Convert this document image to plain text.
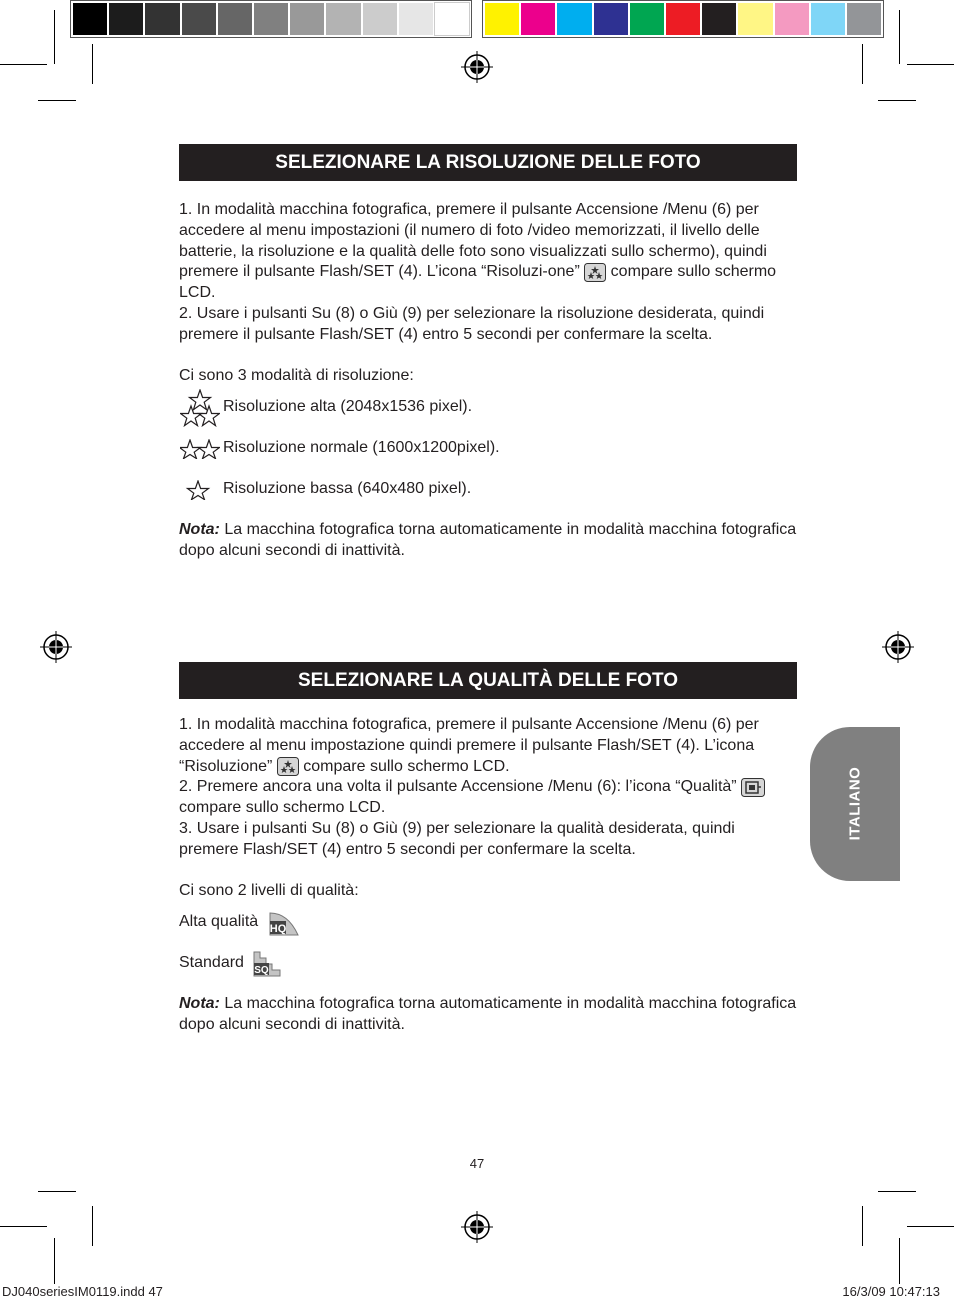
SELEZIONARE LA RISOLUZIONE DELLE FOTO

1. In modalità macchina fotografica, premere il pulsante Accensione /Menu (6) per accedere al menu impostazioni (il numero di foto /video memorizzati, il livello delle batterie, la risoluzione e la qualità delle foto sono visualizzati sullo schermo), quindi premere il pulsante Flash/SET (4). L’icona “Risoluzi-one”  compare sullo schermo LCD.

2. Usare i pulsanti Su (8) o Giù (9) per selezionare la risoluzione desiderata, quindi premere il pulsante Flash/SET (4) entro 5 secondi per confermare la scelta.

Ci sono 3 modalità di risoluzione:

Risoluzione alta (2048x1536 pixel).
Risoluzione normale (1600x1200pixel).
Risoluzione bassa (640x480 pixel).

Nota: La macchina fotografica torna automaticamente in modalità macchina fotografica dopo alcuni secondi di inattività.

SELEZIONARE LA QUALITÀ DELLE FOTO

1. In modalità macchina fotografica, premere il pulsante Accensione /Menu (6) per accedere al menu impostazione quindi premere il pulsante Flash/SET (4). L’icona “Risoluzione”  compare sullo schermo LCD.

2. Premere ancora una volta il pulsante Accensione /Menu (6): l’icona “Qualità”  compare sullo schermo LCD.

3. Usare i pulsanti Su (8) o Giù (9) per selezionare la qualità desiderata, quindi premere Flash/SET (4) entro 5 secondi per confermare la scelta.

Ci sono 2 livelli di qualità:

Alta qualità HQ
Standard SQ

Nota: La macchina fotografica torna automaticamente in modalità macchina fotografica dopo alcuni secondi di inattività.

ITALIANO
47
DJ040seriesIM0119.indd 47	16/3/09 10:47:13
